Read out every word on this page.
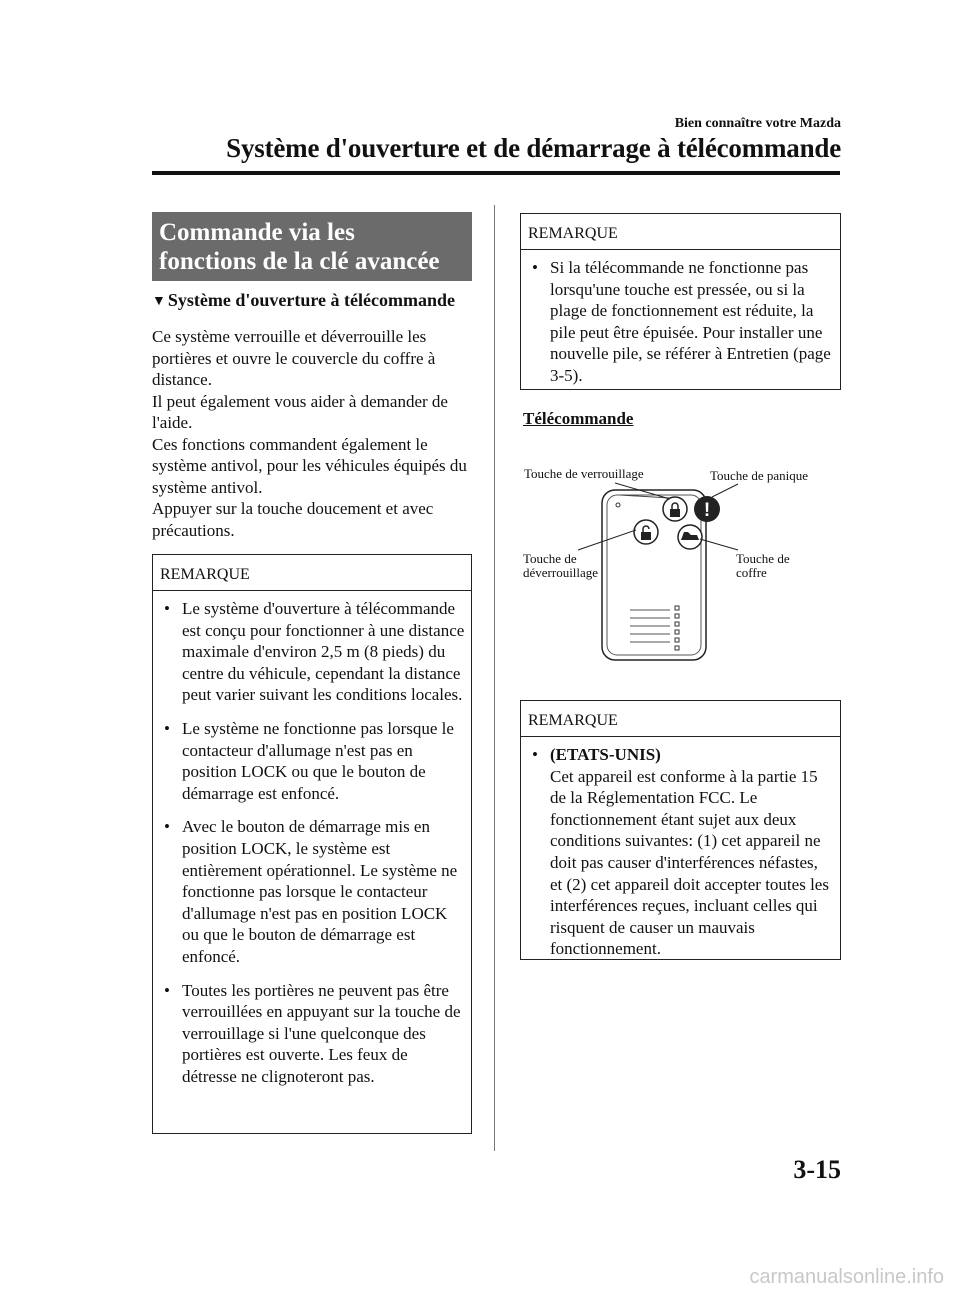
Bien connaître votre Mazda
Système d'ouverture et de démarrage à télécommande
Commande via les
fonctions de la clé avancée
▼ Système d'ouverture à télécommande

Ce système verrouille et déverrouille les portières et ouvre le couvercle du coffre à distance.

Il peut également vous aider à demander de l'aide.

Ces fonctions commandent également le système antivol, pour les véhicules équipés du système antivol.

Appuyer sur la touche doucement et avec précautions.

REMARQUE
• Le système d'ouverture à télécommande est conçu pour fonctionner à une distance maximale d'environ 2,5 m (8 pieds) du centre du véhicule, cependant la distance peut varier suivant les conditions locales.
• Le système ne fonctionne pas lorsque le contacteur d'allumage n'est pas en position LOCK ou que le bouton de démarrage est enfoncé.
• Avec le bouton de démarrage mis en position LOCK, le système est entièrement opérationnel. Le système ne fonctionne pas lorsque le contacteur d'allumage n'est pas en position LOCK ou que le bouton de démarrage est enfoncé.
• Toutes les portières ne peuvent pas être verrouillées en appuyant sur la touche de verrouillage si l'une quelconque des portières est ouverte. Les feux de détresse ne clignoteront pas.
REMARQUE
• Si la télécommande ne fonctionne pas lorsqu'une touche est pressée, ou si la plage de fonctionnement est réduite, la pile peut être épuisée. Pour installer une nouvelle pile, se référer à Entretien (page 3-5).
Télécommande
!
Touche de verrouillage	Touche de panique
Touche de
déverrouillage
Touche de
coffre
REMARQUE
• (ETATS-UNIS)
Cet appareil est conforme à la partie 15 de la Réglementation FCC. Le fonctionnement étant sujet aux deux conditions suivantes: (1) cet appareil ne doit pas causer d'interférences néfastes, et (2) cet appareil doit accepter toutes les interférences reçues, incluant celles qui risquent de causer un mauvais fonctionnement.
3-15
carmanualsonline.info
